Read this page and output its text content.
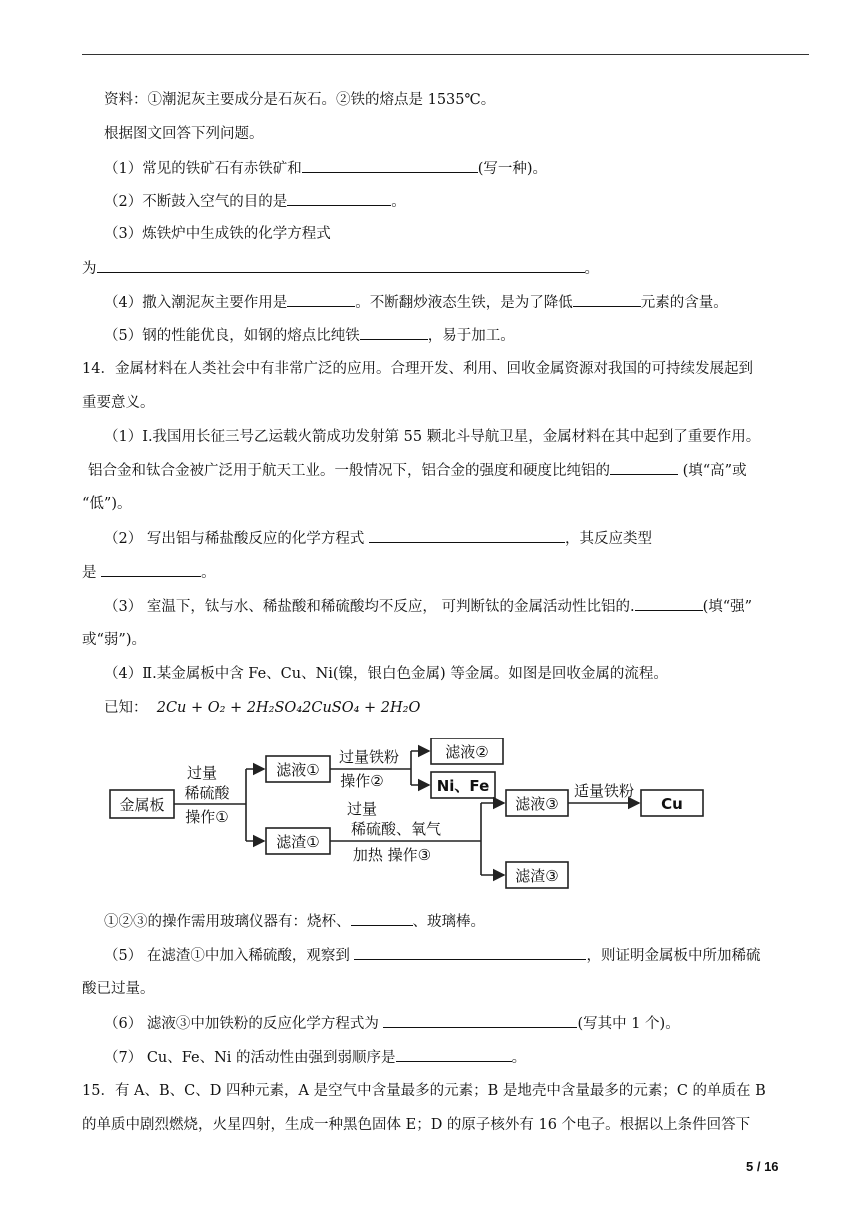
资料：①潮泥灰主要成分是石灰石。②铁的熔点是 1535℃。
根据图文回答下列问题。
（1）常见的铁矿石有赤铁矿和	(写一种)。
（2）不断鼓入空气的目的是	。
（3）炼铁炉中生成铁的化学方程式
为	。
（4）撒入潮泥灰主要作用是	。不断翻炒液态生铁，是为了降低	元素的含量。
（5）钢的性能优良，如钢的熔点比纯铁	，易于加工。
14．金属材料在人类社会中有非常广泛的应用。合理开发、利用、回收金属资源对我国的可持续发展起到
重要意义。
（1）Ⅰ.我国用长征三号乙运载火箭成功发射第 55 颗北斗导航卫星，金属材料在其中起到了重要作用。
铝合金和钛合金被广泛用于航天工业。一般情况下，铝合金的强度和硬度比纯铝的	(填“高”或
“低”)。
（2） 写出铝与稀盐酸反应的化学方程式	，其反应类型
是	。
（3） 室温下，钛与水、稀盐酸和稀硫酸均不反应， 可判断钛的金属活动性比铝的.	(填“强”
或“弱”)。
（4）Ⅱ.某金属板中含 Fe、Cu、Ni(镍，银白色金属) 等金属。如图是回收金属的流程。
已知： 2Cu + O₂ + 2H₂SO₄2CuSO₄ + 2H₂O
金属板
过量
稀硫酸
操作①
滤液①
滤渣①
过量铁粉
操作②
滤液②
Ni、Fe
过量
稀硫酸、氧气
加热 操作③
滤液③
适量铁粉
Cu
滤渣③
①②③的操作需用玻璃仪器有：烧杯、	、玻璃棒。
（5） 在滤渣①中加入稀硫酸，观察到	，则证明金属板中所加稀硫
酸已过量。
（6） 滤液③中加铁粉的反应化学方程式为	(写其中 1 个)。
（7） Cu、Fe、Ni 的活动性由强到弱顺序是	。
15．有 A、B、C、D 四种元素，A 是空气中含量最多的元素；B 是地壳中含量最多的元素；C 的单质在 B
的单质中剧烈燃烧，火星四射，生成一种黑色固体 E；D 的原子核外有 16 个电子。根据以上条件回答下
5 / 16
